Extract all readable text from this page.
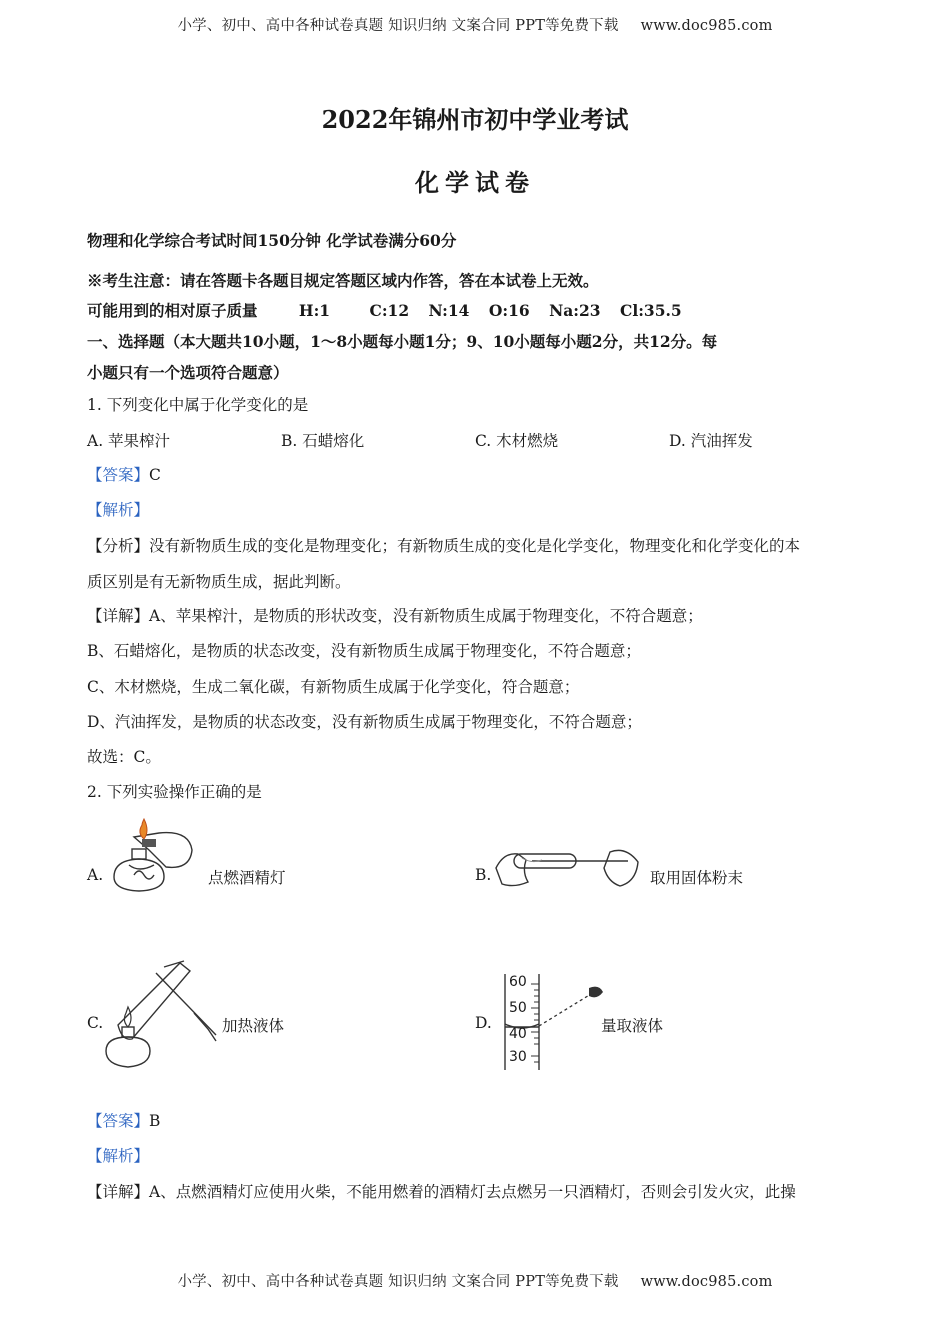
小学、初中、高中各种试卷真题 知识归纳 文案合同 PPT等免费下载 www.doc985.com
2022年锦州市初中学业考试
化学试卷
物理和化学综合考试时间150分钟 化学试卷满分60分
※考生注意：请在答题卡各题目规定答题区域内作答，答在本试卷上无效。
可能用到的相对原子质量	H:1	C:12 N:14 O:16 Na:23 Cl:35.5
一、选择题（本大题共10小题，1～8小题每小题1分；9、10小题每小题2分，共12分。每
小题只有一个选项符合题意）
1. 下列变化中属于化学变化的是
A. 苹果榨汁	B. 石蜡熔化	C. 木材燃烧	D. 汽油挥发
【答案】C
【解析】
【分析】没有新物质生成的变化是物理变化；有新物质生成的变化是化学变化，物理变化和化学变化的本
质区别是有无新物质生成，据此判断。
【详解】A、苹果榨汁，是物质的形状改变，没有新物质生成属于物理变化，不符合题意；
B、石蜡熔化，是物质的状态改变，没有新物质生成属于物理变化，不符合题意；
C、木材燃烧，生成二氧化碳，有新物质生成属于化学变化，符合题意；
D、汽油挥发，是物质的状态改变，没有新物质生成属于物理变化，不符合题意；
故选：C。
2. 下列实验操作正确的是
A.	点燃酒精灯	B.	取用固体粉末
C.	加热液体	D.
60
50
40
30
量取液体
【答案】B
【解析】
【详解】A、点燃酒精灯应使用火柴，不能用燃着的酒精灯去点燃另一只酒精灯，否则会引发火灾，此操
小学、初中、高中各种试卷真题 知识归纳 文案合同 PPT等免费下载 www.doc985.com
